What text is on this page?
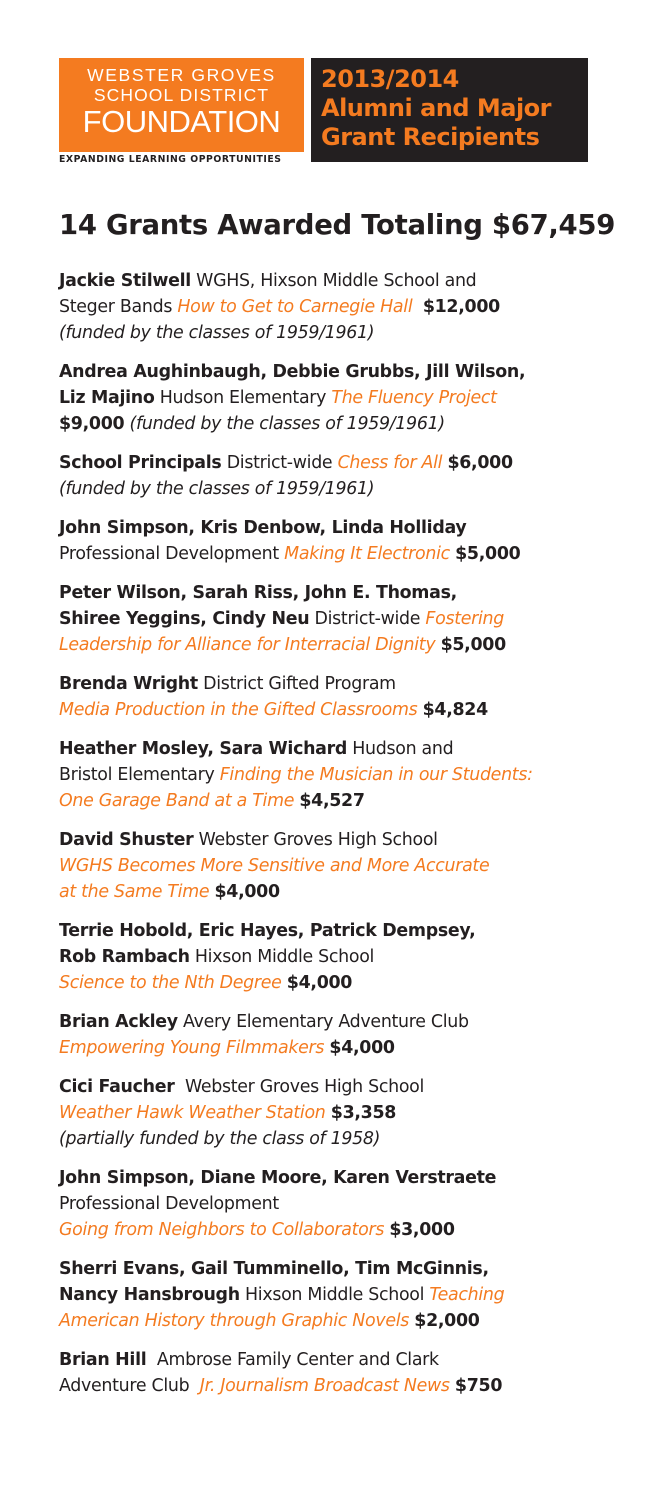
WEBSTER GROVES
SCHOOL DISTRICT
FOUNDATION
EXPANDING LEARNING OPPORTUNITIES
2013/2014
Alumni and Major
Grant Recipients
14 Grants Awarded Totaling $67,459
Jackie Stilwell WGHS, Hixson Middle School and
Steger Bands How to Get to Carnegie Hall $12,000
(funded by the classes of 1959/1961)
Andrea Aughinbaugh, Debbie Grubbs, Jill Wilson,
Liz Majino Hudson Elementary The Fluency Project
$9,000 (funded by the classes of 1959/1961)
School Principals District-wide Chess for All $6,000
(funded by the classes of 1959/1961)
John Simpson, Kris Denbow, Linda Holliday
Professional Development Making It Electronic $5,000
Peter Wilson, Sarah Riss, John E. Thomas,
Shiree Yeggins, Cindy Neu District-wide Fostering
Leadership for Alliance for Interracial Dignity $5,000
Brenda Wright District Gifted Program
Media Production in the Gifted Classrooms $4,824
Heather Mosley, Sara Wichard Hudson and
Bristol Elementary Finding the Musician in our Students:
One Garage Band at a Time $4,527
David Shuster Webster Groves High School
WGHS Becomes More Sensitive and More Accurate
at the Same Time $4,000
Terrie Hobold, Eric Hayes, Patrick Dempsey,
Rob Rambach Hixson Middle School
Science to the Nth Degree $4,000
Brian Ackley Avery Elementary Adventure Club
Empowering Young Filmmakers $4,000
Cici Faucher Webster Groves High School
Weather Hawk Weather Station $3,358
(partially funded by the class of 1958)
John Simpson, Diane Moore, Karen Verstraete
Professional Development
Going from Neighbors to Collaborators $3,000
Sherri Evans, Gail Tumminello, Tim McGinnis,
Nancy Hansbrough Hixson Middle School Teaching
American History through Graphic Novels $2,000
Brian Hill Ambrose Family Center and Clark
Adventure Club Jr. Journalism Broadcast News $750
